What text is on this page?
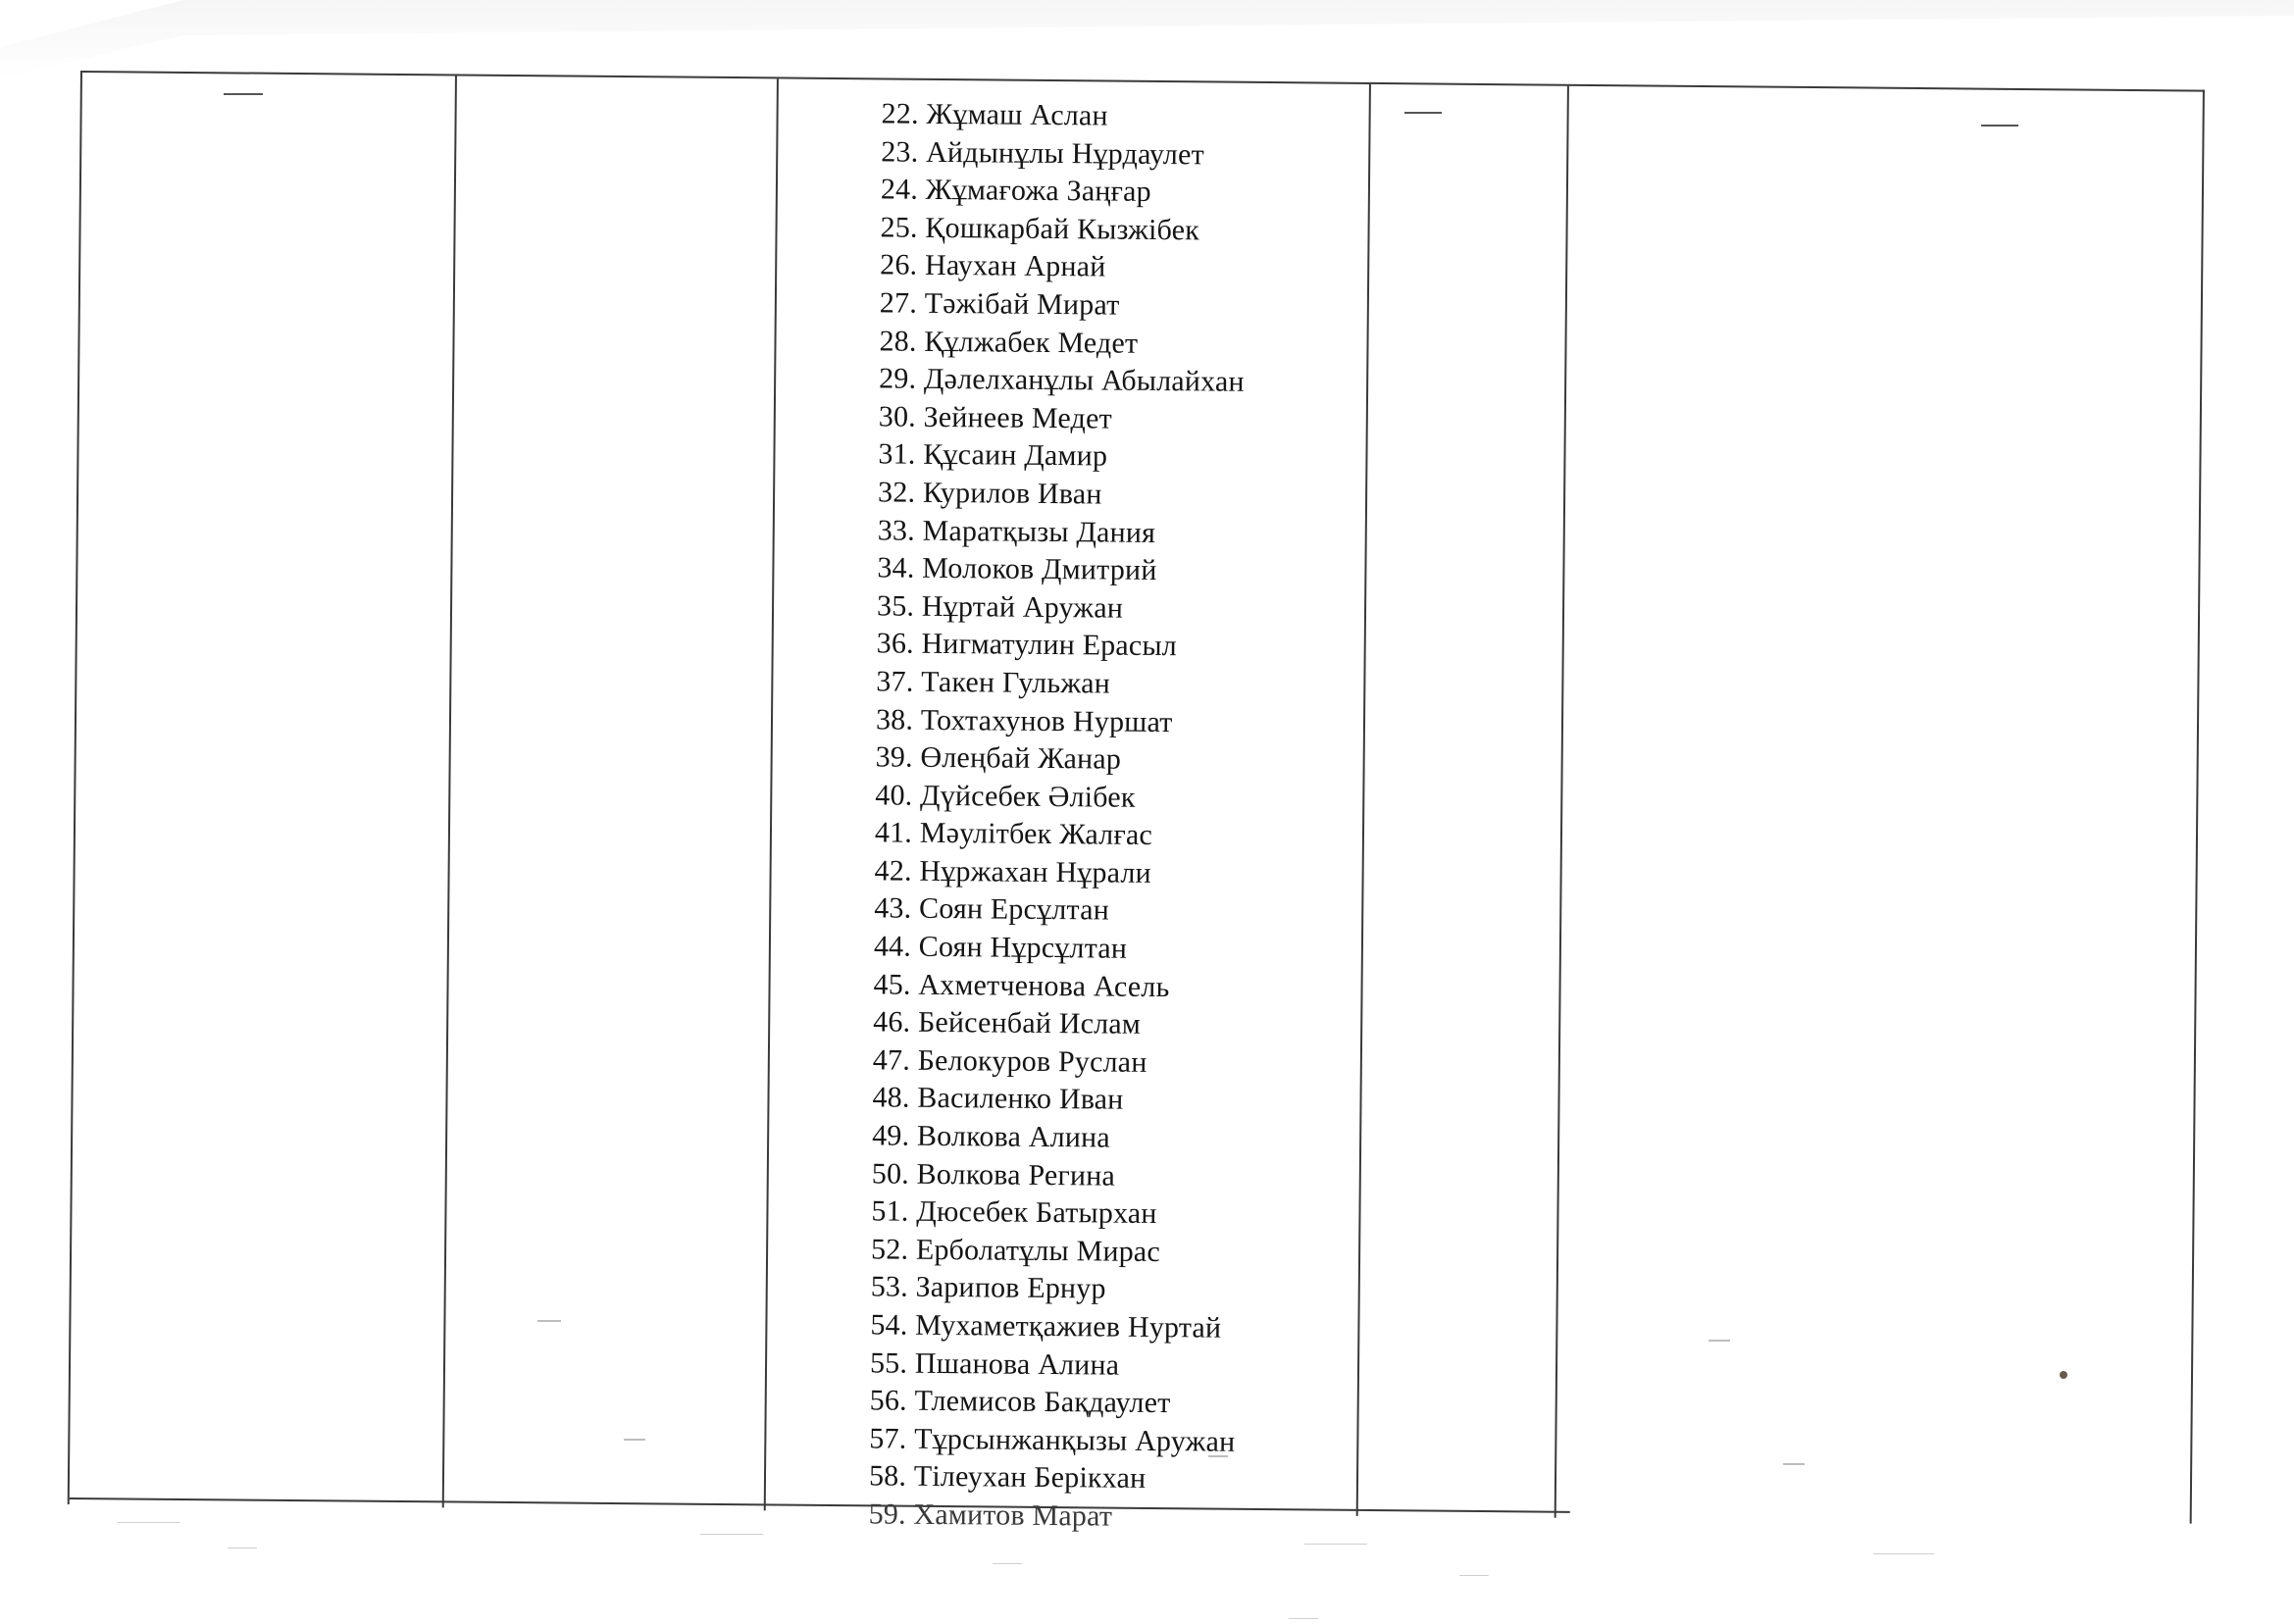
22. Жұмаш Аслан
23. Айдынұлы Нұрдаулет
24. Жұмағожа Заңғар
25. Қошкарбай Кызжібек
26. Наухан Арнай
27. Тәжібай Мират
28. Құлжабек Медет
29. Дәлелханұлы Абылайхан
30. Зейнеев Медет
31. Құсаин Дамир
32. Курилов Иван
33. Маратқызы Дания
34. Молоков Дмитрий
35. Нұртай Аружан
36. Нигматулин Ерасыл
37. Такен Гульжан
38. Тохтахунов Нуршат
39. Өлеңбай Жанар
40. Дүйсебек Әлібек
41. Мәулітбек Жалғас
42. Нұржахан Нұрали
43. Соян Ерсұлтан
44. Соян Нұрсұлтан
45. Ахметченова Асель
46. Бейсенбай Ислам
47. Белокуров Руслан
48. Василенко Иван
49. Волкова Алина
50. Волкова Регина
51. Дюсебек Батырхан
52. Ерболатұлы Мирас
53. Зарипов Ернур
54. Мухаметқажиев Нуртай
55. Пшанова Алина
56. Тлемисов Бақдаулет
57. Тұрсынжанқызы Аружан
58. Тілеухан Берікхан
59. Хамитов Марат
